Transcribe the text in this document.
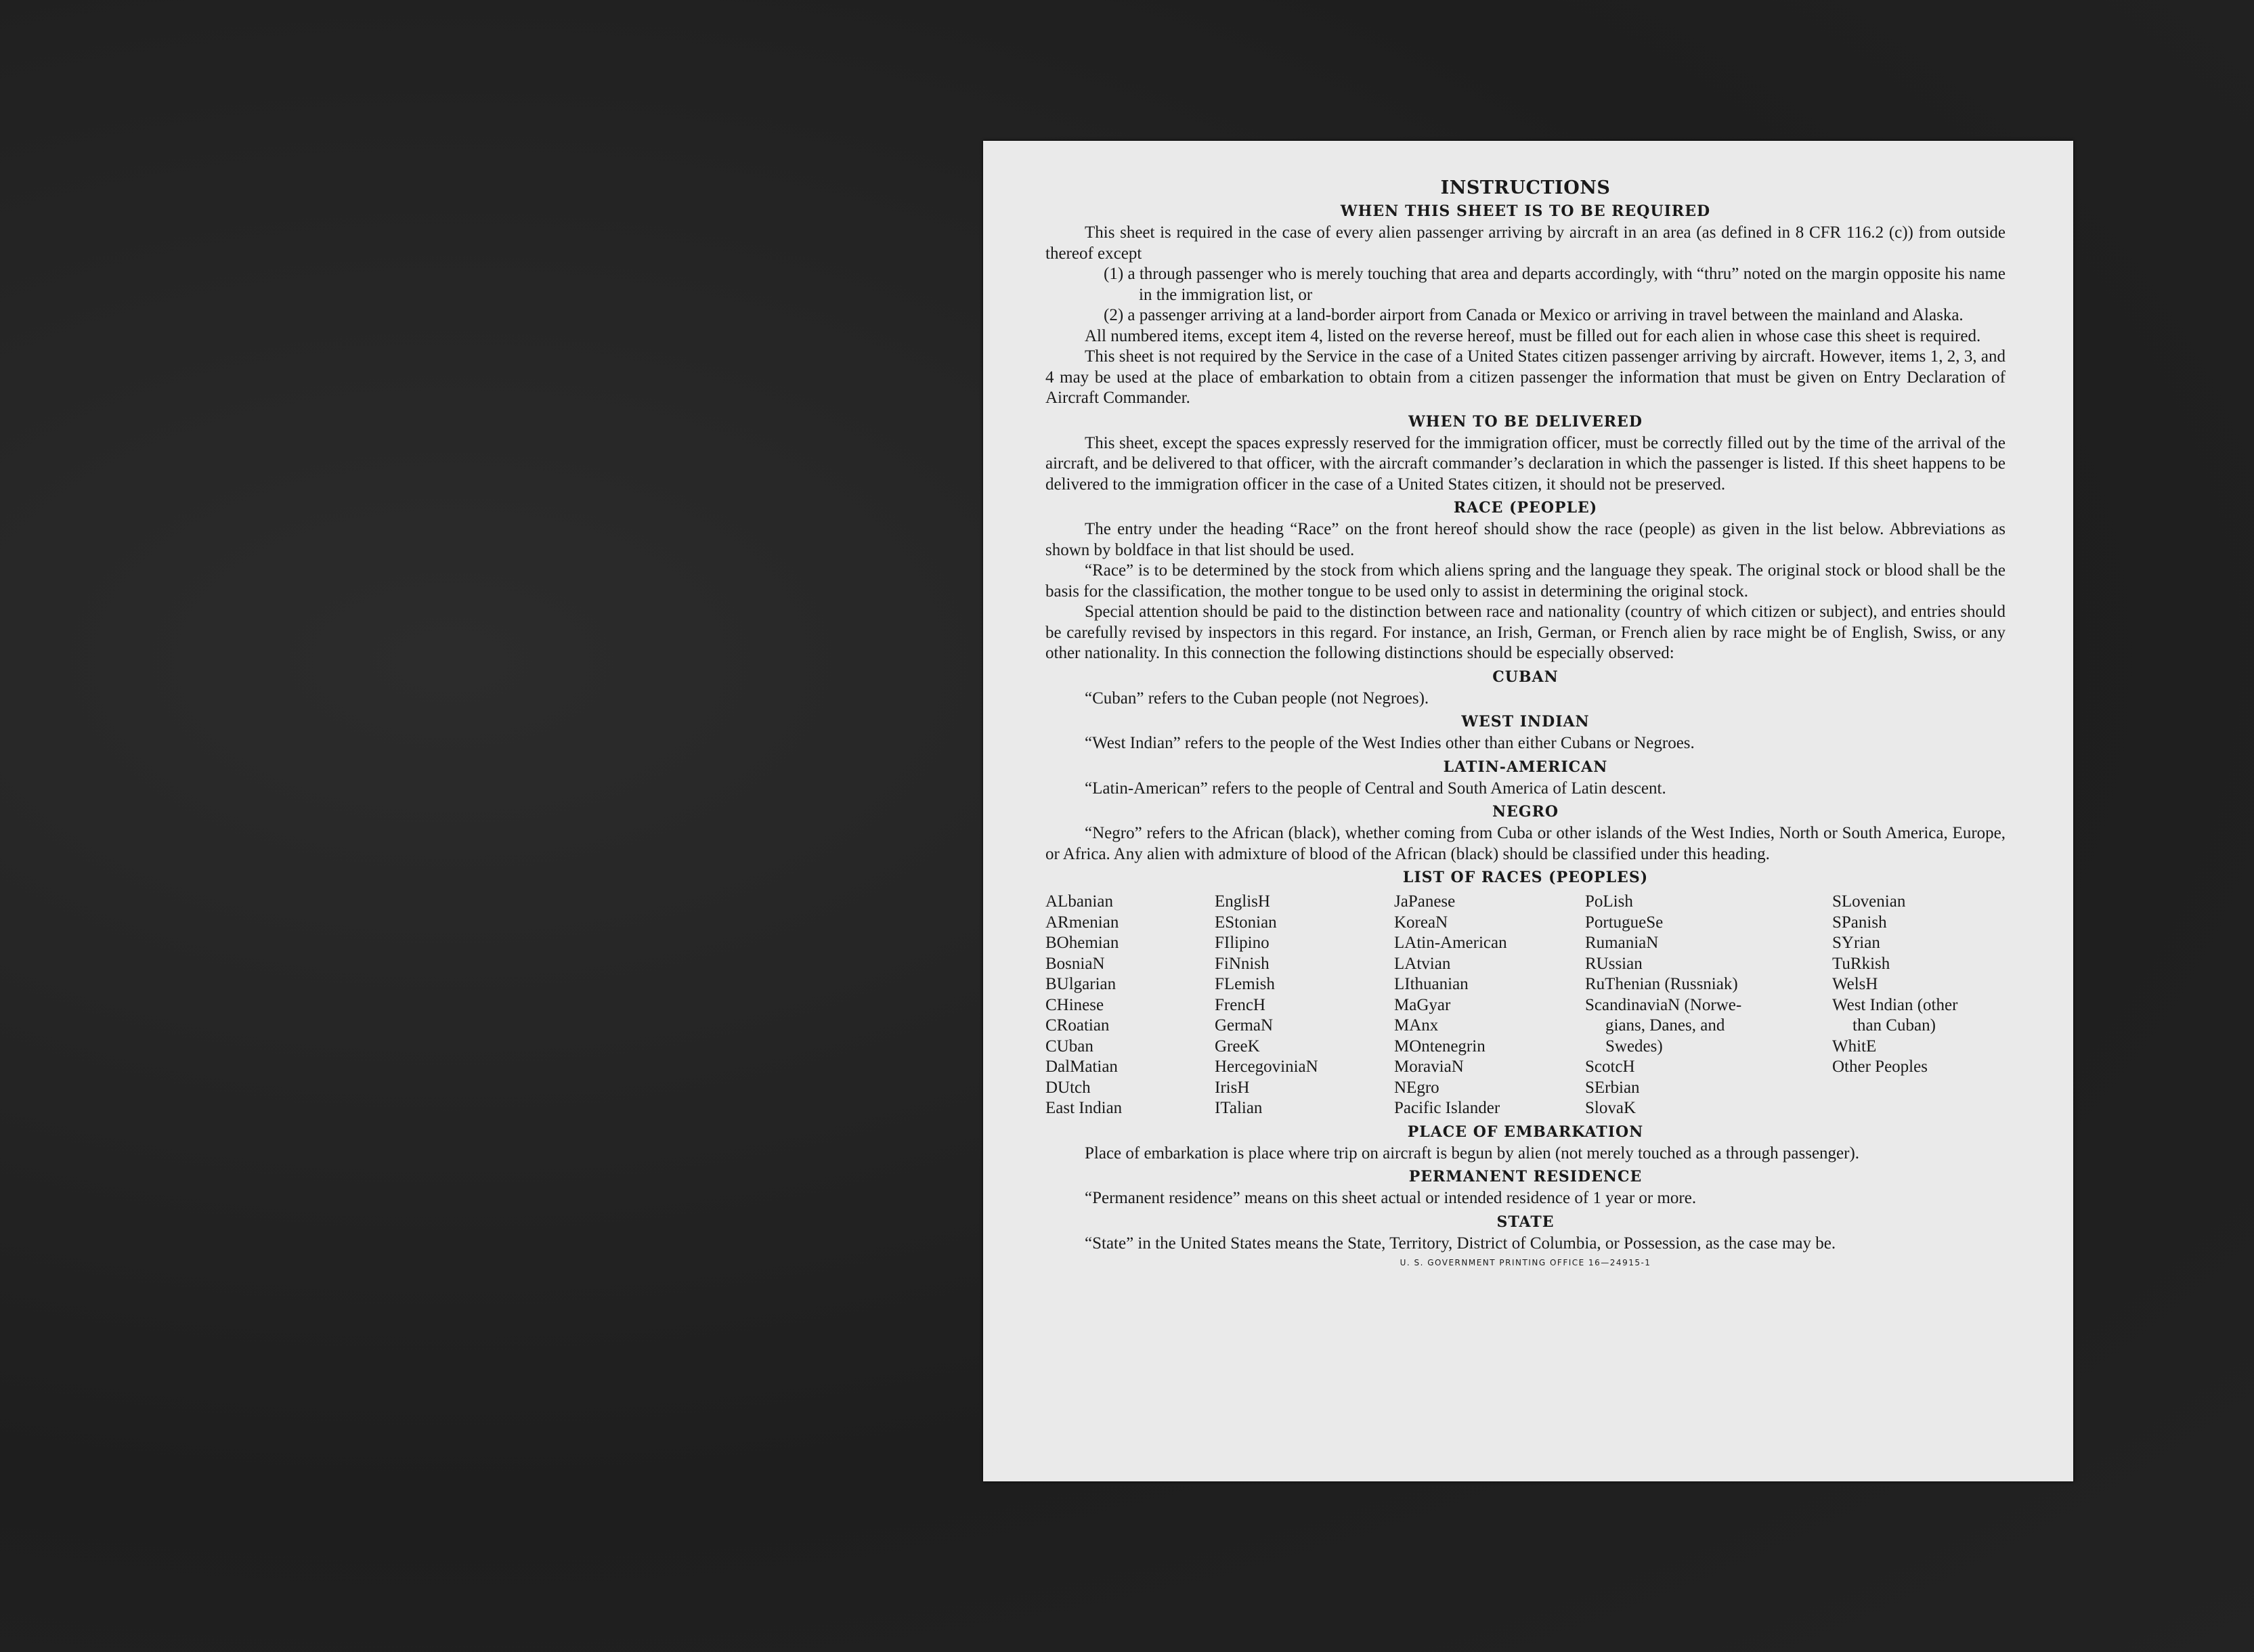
INSTRUCTIONS
WHEN THIS SHEET IS TO BE REQUIRED

This sheet is required in the case of every alien passenger arriving by aircraft in an area (as defined in 8 CFR 116.2 (c)) from outside thereof except

(1) a through passenger who is merely touching that area and departs accordingly, with “thru” noted on the margin opposite his name in the immigration list, or

(2) a passenger arriving at a land-border airport from Canada or Mexico or arriving in travel between the mainland and Alaska.

All numbered items, except item 4, listed on the reverse hereof, must be filled out for each alien in whose case this sheet is required.

This sheet is not required by the Service in the case of a United States citizen passenger arriving by aircraft. However, items 1, 2, 3, and 4 may be used at the place of embarkation to obtain from a citizen passenger the information that must be given on Entry Declaration of Aircraft Commander.

WHEN TO BE DELIVERED

This sheet, except the spaces expressly reserved for the immigration officer, must be correctly filled out by the time of the arrival of the aircraft, and be delivered to that officer, with the aircraft commander’s declaration in which the passenger is listed. If this sheet happens to be delivered to the immigration officer in the case of a United States citizen, it should not be preserved.

RACE (PEOPLE)

The entry under the heading “Race” on the front hereof should show the race (people) as given in the list below. Abbreviations as shown by boldface in that list should be used.

“Race” is to be determined by the stock from which aliens spring and the language they speak. The original stock or blood shall be the basis for the classification, the mother tongue to be used only to assist in determining the original stock.

Special attention should be paid to the distinction between race and nationality (country of which citizen or subject), and entries should be carefully revised by inspectors in this regard. For instance, an Irish, German, or French alien by race might be of English, Swiss, or any other nationality. In this connection the following distinctions should be especially observed:

CUBAN

“Cuban” refers to the Cuban people (not Negroes).

WEST INDIAN

“West Indian” refers to the people of the West Indies other than either Cubans or Negroes.

LATIN-AMERICAN

“Latin-American” refers to the people of Central and South America of Latin descent.

NEGRO

“Negro” refers to the African (black), whether coming from Cuba or other islands of the West Indies, North or South America, Europe, or Africa. Any alien with admixture of blood of the African (black) should be classified under this heading.

LIST OF RACES (PEOPLES)
ALbanian
ARmenian
BOhemian
BosniaN
BUlgarian
CHinese
CRoatian
CUban
DalMatian
DUtch
East Indian
EnglisH
EStonian
FIlipino
FiNnish
FLemish
FrencH
GermaN
GreeK
HercegoviniaN
IrisH
ITalian
JaPanese
KoreaN
LAtin-American
LAtvian
LIthuanian
MaGyar
MAnx
MOntenegrin
MoraviaN
NEgro
Pacific Islander
PoLish
PortugueSe
RumaniaN
RUssian
RuThenian (Russniak)
ScandinaviaN (Norwe-
gians, Danes, and
Swedes)
ScotcH
SErbian
SlovaK
SLovenian
SPanish
SYrian
TuRkish
WelsH
West Indian (other
than Cuban)
WhitE
Other Peoples
PLACE OF EMBARKATION

Place of embarkation is place where trip on aircraft is begun by alien (not merely touched as a through passenger).

PERMANENT RESIDENCE

“Permanent residence” means on this sheet actual or intended residence of 1 year or more.

STATE

“State” in the United States means the State, Territory, District of Columbia, or Possession, as the case may be.

U. S. GOVERNMENT PRINTING OFFICE 16—24915-1
